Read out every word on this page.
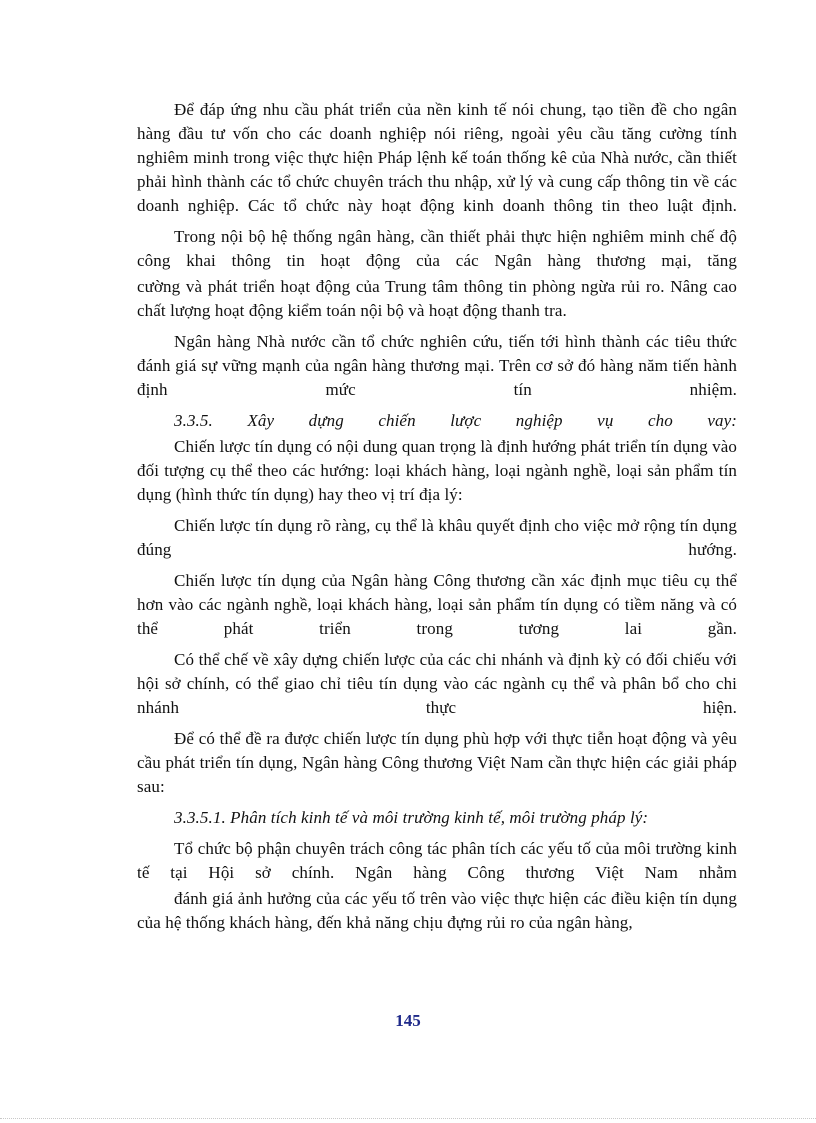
Để đáp ứng nhu cầu phát triển của nền kinh tế nói chung, tạo tiền đề cho ngân hàng đầu tư vốn cho các doanh nghiệp nói riêng, ngoài yêu cầu tăng cường tính nghiêm minh trong việc thực hiện Pháp lệnh kế toán thống kê của Nhà nước, cần thiết phải hình thành các tổ chức chuyên trách thu nhập, xử lý và cung cấp thông tin về các doanh nghiệp. Các tổ chức này hoạt động kinh doanh thông tin theo luật định.

Trong nội bộ hệ thống ngân hàng, cần thiết phải thực hiện nghiêm minh chế độ công khai thông tin hoạt động của các Ngân hàng thương mại, tăng

cường và phát triển hoạt động của Trung tâm thông tin phòng ngừa rủi ro. Nâng cao chất lượng hoạt động kiểm toán nội bộ và hoạt động thanh tra.

Ngân hàng Nhà nước cần tổ chức nghiên cứu, tiến tới hình thành các tiêu thức đánh giá sự vững mạnh của ngân hàng thương mại. Trên cơ sở đó hàng năm tiến hành định mức tín nhiệm.

3.3.5. Xây dựng chiến lược nghiệp vụ cho vay:

Chiến lược tín dụng có nội dung quan trọng là định hướng phát triển tín dụng vào đối tượng cụ thể theo các hướng: loại khách hàng, loại ngành nghề, loại sản phẩm tín dụng (hình thức tín dụng) hay theo vị trí địa lý:

Chiến lược tín dụng rõ ràng, cụ thể là khâu quyết định cho việc mở rộng tín dụng đúng hướng.

Chiến lược tín dụng của Ngân hàng Công thương cần xác định mục tiêu cụ thể hơn vào các ngành nghề, loại khách hàng, loại sản phẩm tín dụng có tiềm năng và có thể phát triển trong tương lai gần.

Có thể chế về xây dựng chiến lược của các chi nhánh và định kỳ có đối chiếu với hội sở chính, có thể giao chỉ tiêu tín dụng vào các ngành cụ thể và phân bổ cho chi nhánh thực hiện.

Để có thể đề ra được chiến lược tín dụng phù hợp với thực tiễn hoạt động và yêu cầu phát triển tín dụng, Ngân hàng Công thương Việt Nam cần thực hiện các giải pháp sau:

3.3.5.1. Phân tích kinh tế và môi trường kinh tế, môi trường pháp lý:

Tổ chức bộ phận chuyên trách công tác phân tích các yếu tố của môi trường kinh tế tại Hội sở chính. Ngân hàng Công thương Việt Nam nhằm

đánh giá ảnh hưởng của các yếu tố trên vào việc thực hiện các điều kiện tín dụng của hệ thống khách hàng, đến khả năng chịu đựng rủi ro của ngân hàng,

145
